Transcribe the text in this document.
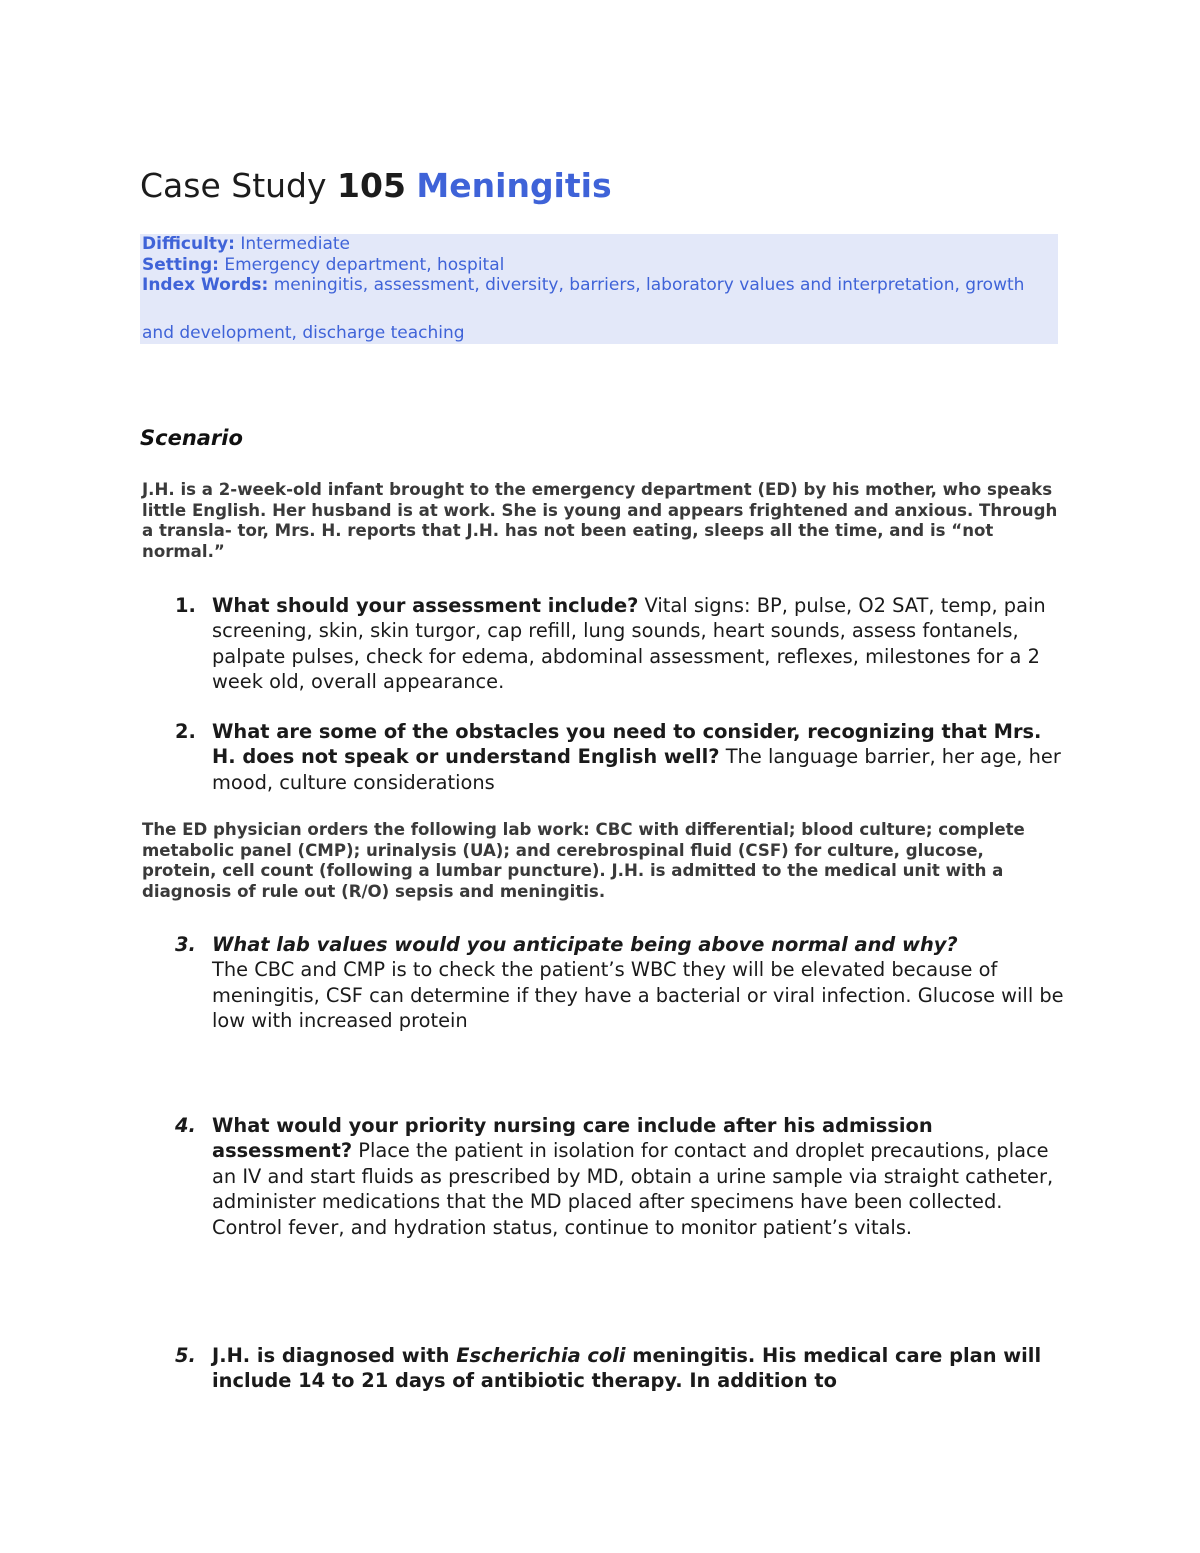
Case Study 105 Meningitis
Difficulty: Intermediate
Setting: Emergency department, hospital
Index Words: meningitis, assessment, diversity, barriers, laboratory values and interpretation, growth
and development, discharge teaching
Scenario

J.H. is a 2-week-old infant brought to the emergency department (ED) by his mother, who speaks little English. Her husband is at work. She is young and appears frightened and anxious. Through a transla- tor, Mrs. H. reports that J.H. has not been eating, sleeps all the time, and is “not normal.”

1. What should your assessment include? Vital signs: BP, pulse, O2 SAT, temp, pain screening, skin, skin turgor, cap refill, lung sounds, heart sounds, assess fontanels, palpate pulses, check for edema, abdominal assessment, reflexes, milestones for a 2 week old, overall appearance.
2. What are some of the obstacles you need to consider, recognizing that Mrs. H. does not speak or understand English well? The language barrier, her age, her mood, culture considerations

The ED physician orders the following lab work: CBC with differential; blood culture; complete metabolic panel (CMP); urinalysis (UA); and cerebrospinal fluid (CSF) for culture, glucose, protein, cell count (following a lumbar puncture). J.H. is admitted to the medical unit with a diagnosis of rule out (R/O) sepsis and meningitis.

3. What lab values would you anticipate being above normal and why?
The CBC and CMP is to check the patient’s WBC they will be elevated because of meningitis, CSF can determine if they have a bacterial or viral infection. Glucose will be low with increased protein
4. What would your priority nursing care include after his admission assessment? Place the patient in isolation for contact and droplet precautions, place an IV and start fluids as prescribed by MD, obtain a urine sample via straight catheter, administer medications that the MD placed after specimens have been collected. Control fever, and hydration status, continue to monitor patient’s vitals.
5. J.H. is diagnosed with Escherichia coli meningitis. His medical care plan will include 14 to 21 days of antibiotic therapy. In addition to
